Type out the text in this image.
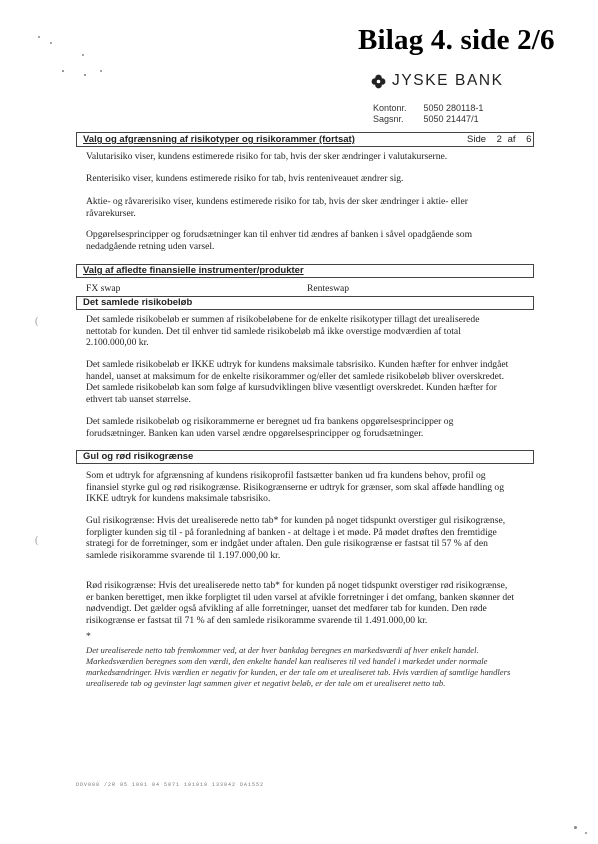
Bilag 4. side 2/6
JYSKE BANK
Kontonr. 5050 280118-1
Sagsnr. 5050 21447/1
Valg og afgrænsning af risikotyper og risikorammer (fortsat)	Side 2 af 6
Valutarisiko viser, kundens estimerede risiko for tab, hvis der sker ændringer i valutakurserne.
Renterisiko viser, kundens estimerede risiko for tab, hvis renteniveauet ændrer sig.
Aktie- og råvarerisiko viser, kundens estimerede risiko for tab, hvis der sker ændringer i aktie- eller råvarekurser.
Opgørelsesprincipper og forudsætninger kan til enhver tid ændres af banken i såvel opadgående som nedadgående retning uden varsel.
Valg af afledte finansielle instrumenter/produkter
FX swap	Renteswap
Det samlede risikobeløb
(	Det samlede risikobeløb er summen af risikobeløbene for de enkelte risikotyper tillagt det urealiserede nettotab for kunden. Det til enhver tid samlede risikobeløb må ikke overstige modværdien af total 2.100.000,00 kr.
Det samlede risikobeløb er IKKE udtryk for kundens maksimale tabsrisiko. Kunden hæfter for enhver indgået handel, uanset at maksimum for de enkelte risikorammer og/eller det samlede risikobeløb bliver overskredet. Det samlede risikobeløb kan som følge af kursudviklingen blive væsentligt overskredet. Kunden hæfter for ethvert tab uanset størrelse.
Det samlede risikobeløb og risikorammerne er beregnet ud fra bankens opgørelsesprincipper og forudsætninger. Banken kan uden varsel ændre opgørelsesprincipper og forudsætninger.
Gul og rød risikogrænse
Som et udtryk for afgrænsning af kundens risikoprofil fastsætter banken ud fra kundens behov, profil og finansiel styrke gul og rød risikogrænse. Risikogrænserne er udtryk for grænser, som skal afføde handling og IKKE udtryk for kundens maksimale tabsrisiko.
Gul risikogrænse: Hvis det urealiserede netto tab* for kunden på noget tidspunkt overstiger gul risikogrænse, forpligter kunden sig til - på foranledning af banken - at deltage i et møde. På mødet drøftes den fremtidige strategi for de forretninger, som er indgået under aftalen. Den gule risikogrænse er fastsat til 57 % af den samlede risikoramme svarende til 1.197.000,00 kr.
(
Rød risikogrænse: Hvis det urealiserede netto tab* for kunden på noget tidspunkt overstiger rød risikogrænse, er banken berettiget, men ikke forpligtet til uden varsel at afvikle forretninger i det omfang, banken skønner det nødvendigt. Det gælder også afvikling af alle forretninger, uanset det medfører tab for kunden. Den røde risikogrænse er fastsat til 71 % af den samlede risikoramme svarende til 1.491.000,00 kr.
*
Det urealiserede netto tab fremkommer ved, at der hver bankdag beregnes en markedsværdi af hver enkelt handel. Markedsværdien beregnes som den værdi, den enkelte handel kan realiseres til ved handel i markedet under normale markedsændringer. Hvis værdien er negativ for kunden, er der tale om et urealiseret tab. Hvis værdien af samtlige handlers urealiserede tab og gevinster lagt sammen giver et negativt beløb, er der tale om et urealiseret netto tab.
DDV000 /2R 05 1001 04 5071 101019 133042 DA1552
